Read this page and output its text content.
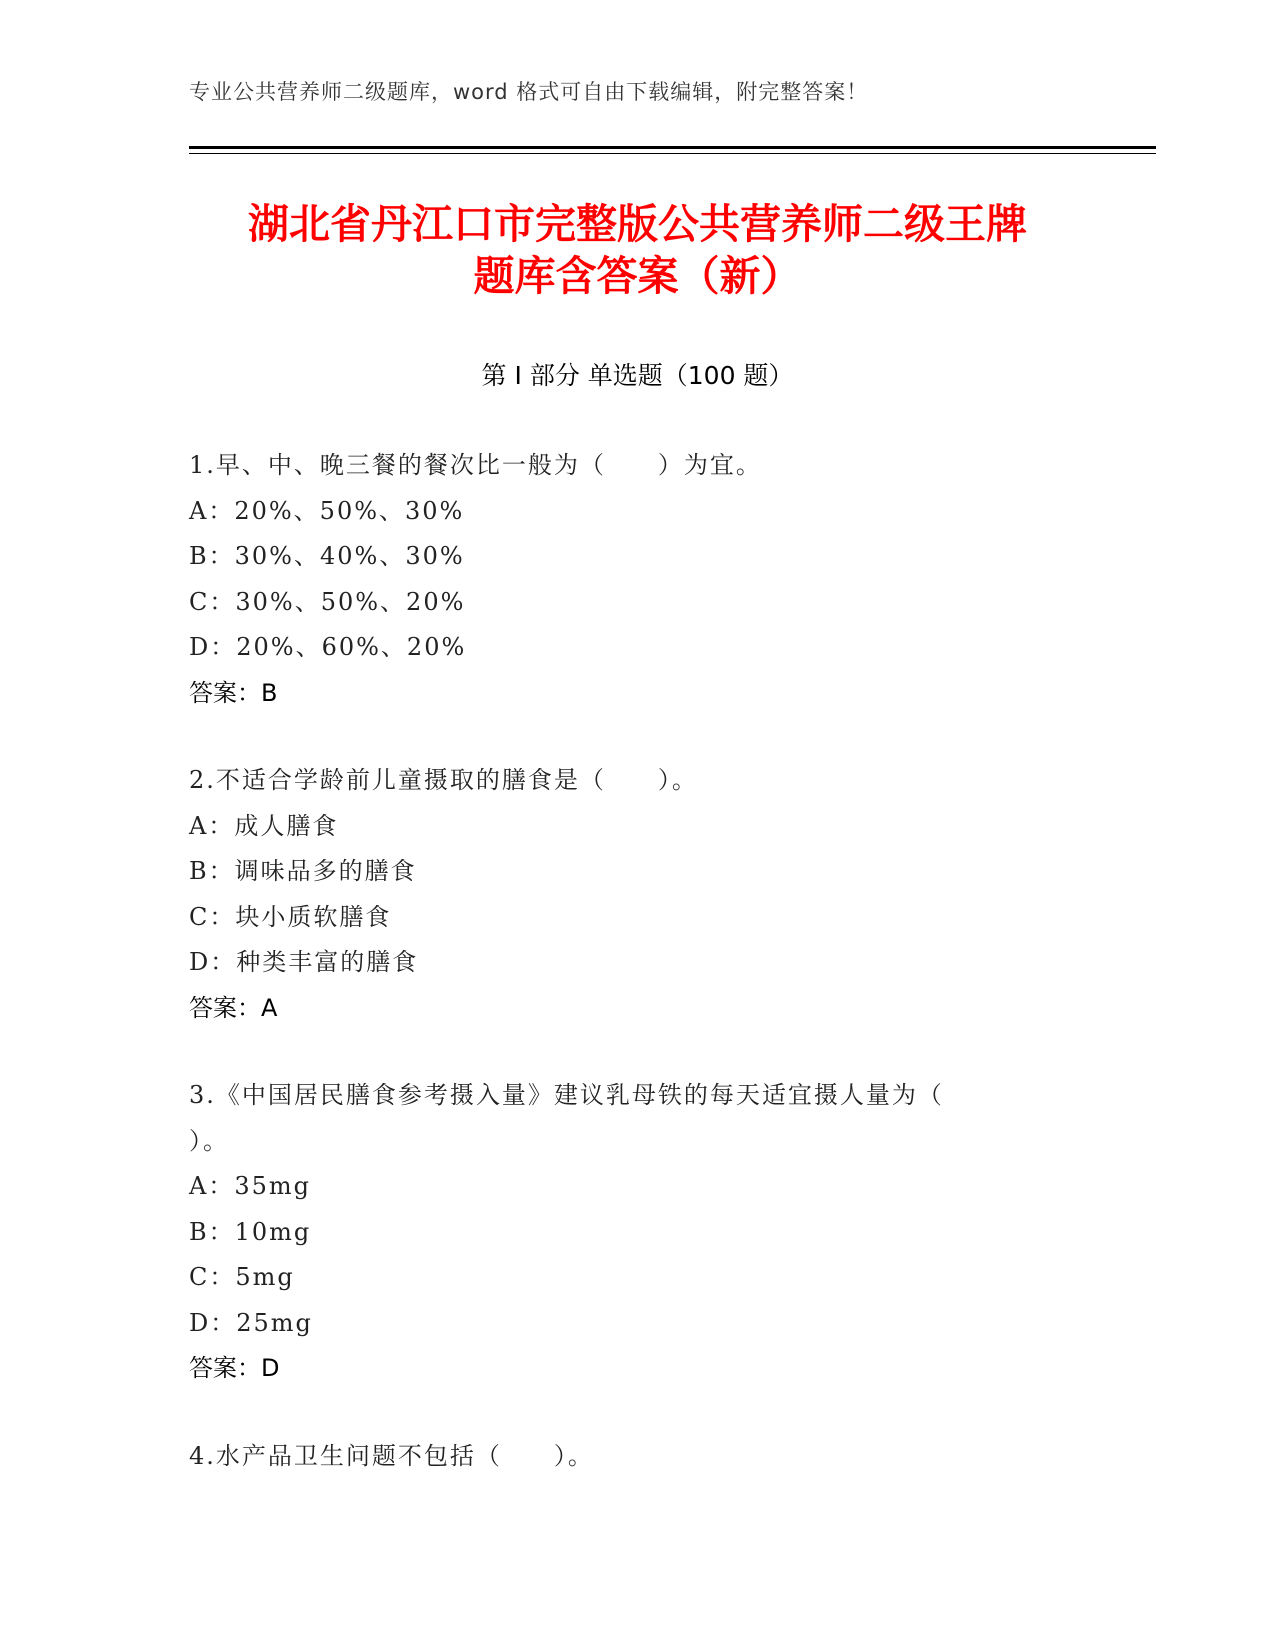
专业公共营养师二级题库，word 格式可自由下载编辑，附完整答案！
湖北省丹江口市完整版公共营养师二级王牌
题库含答案（新）
第 I 部分 单选题（100 题）

1.早、中、晚三餐的餐次比一般为（　　）为宜。

A：20%、50%、30%

B：30%、40%、30%

C：30%、50%、20%

D：20%、60%、20%

答案：B

2.不适合学龄前儿童摄取的膳食是（　　）。

A：成人膳食

B：调味品多的膳食

C：块小质软膳食

D：种类丰富的膳食

答案：A

3.《中国居民膳食参考摄入量》建议乳母铁的每天适宜摄人量为（

）。

A：35mg

B：10mg

C：5mg

D：25mg

答案：D

4.水产品卫生问题不包括（　　）。
